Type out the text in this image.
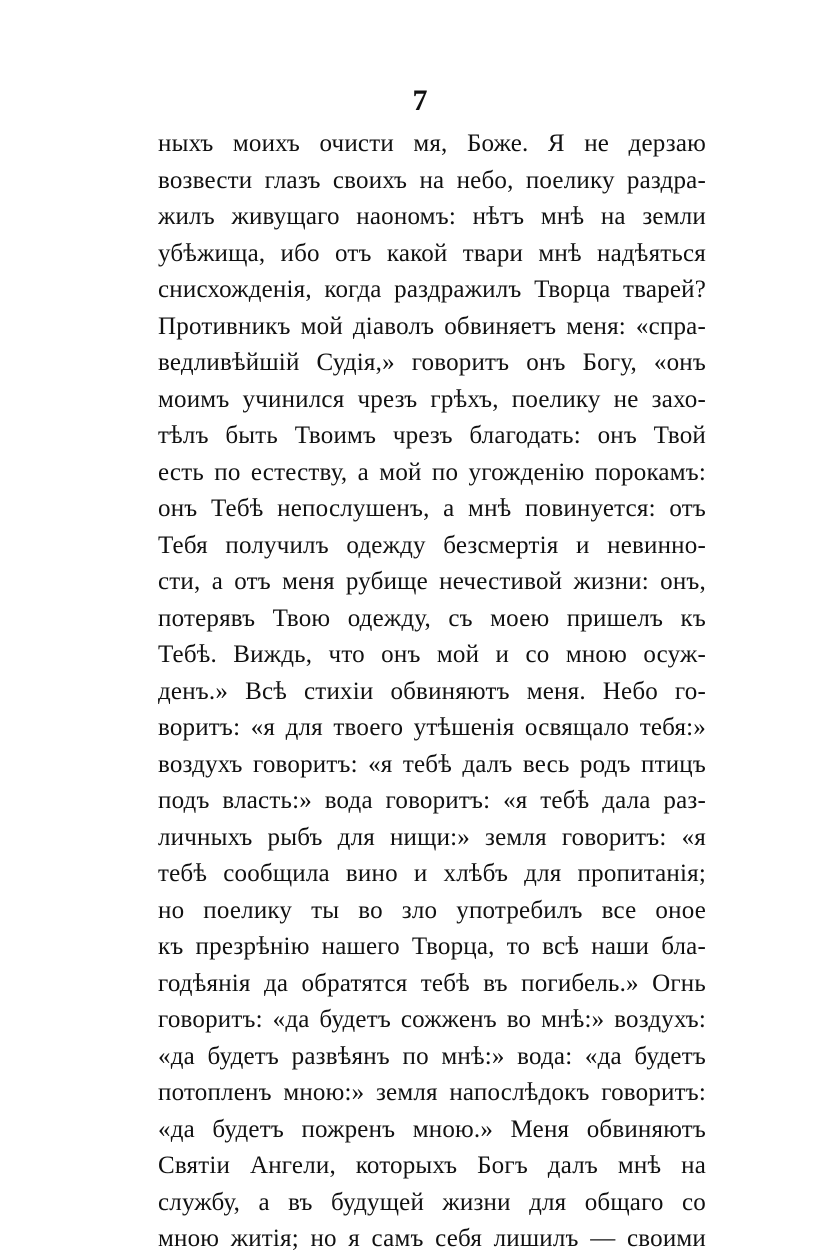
7
ныхъ моихъ очисти мя, Боже. Я не дерзаю
возвести глазъ своихъ на небо, поелику раздра-
жилъ живущаго наономъ: нѣтъ мнѣ на земли
убѣжища, ибо отъ какой твари мнѣ надѣяться
снисхожденія, когда раздражилъ Творца тварей?
Противникъ мой діаволъ обвиняетъ меня: «спра-
ведливѣйшій Судія,» говоритъ онъ Богу, «онъ
моимъ учинился чрезъ грѣхъ, поелику не захо-
тѣлъ быть Твоимъ чрезъ благодать: онъ Твой
есть по естеству, а мой по угожденію порокамъ:
онъ Тебѣ непослушенъ, а мнѣ повинуется: отъ
Тебя получилъ одежду безсмертія и невинно-
сти, а отъ меня рубище нечестивой жизни: онъ,
потерявъ Твою одежду, съ моею пришелъ къ
Тебѣ. Виждь, что онъ мой и со мною осуж-
денъ.» Всѣ стихіи обвиняютъ меня. Небо го-
воритъ: «я для твоего утѣшенія освящало тебя:»
воздухъ говоритъ: «я тебѣ далъ весь родъ птицъ
подъ власть:» вода говоритъ: «я тебѣ дала раз-
личныхъ рыбъ для нищи:» земля говоритъ: «я
тебѣ сообщила вино и хлѣбъ для пропитанія;
но поелику ты во зло употребилъ все оное
къ презрѣнію нашего Творца, то всѣ наши бла-
годѣянія да обратятся тебѣ въ погибель.» Огнь
говоритъ: «да будетъ сожженъ во мнѣ:» воздухъ:
«да будетъ развѣянъ по мнѣ:» вода: «да будетъ
потопленъ мною:» земля напослѣдокъ говоритъ:
«да будетъ пожренъ мною.» Меня обвиняютъ
Святіи Ангели, которыхъ Богъ далъ мнѣ на
службу, а въ будущей жизни для общаго со
мною житія; но я самъ себя лишилъ — своими
